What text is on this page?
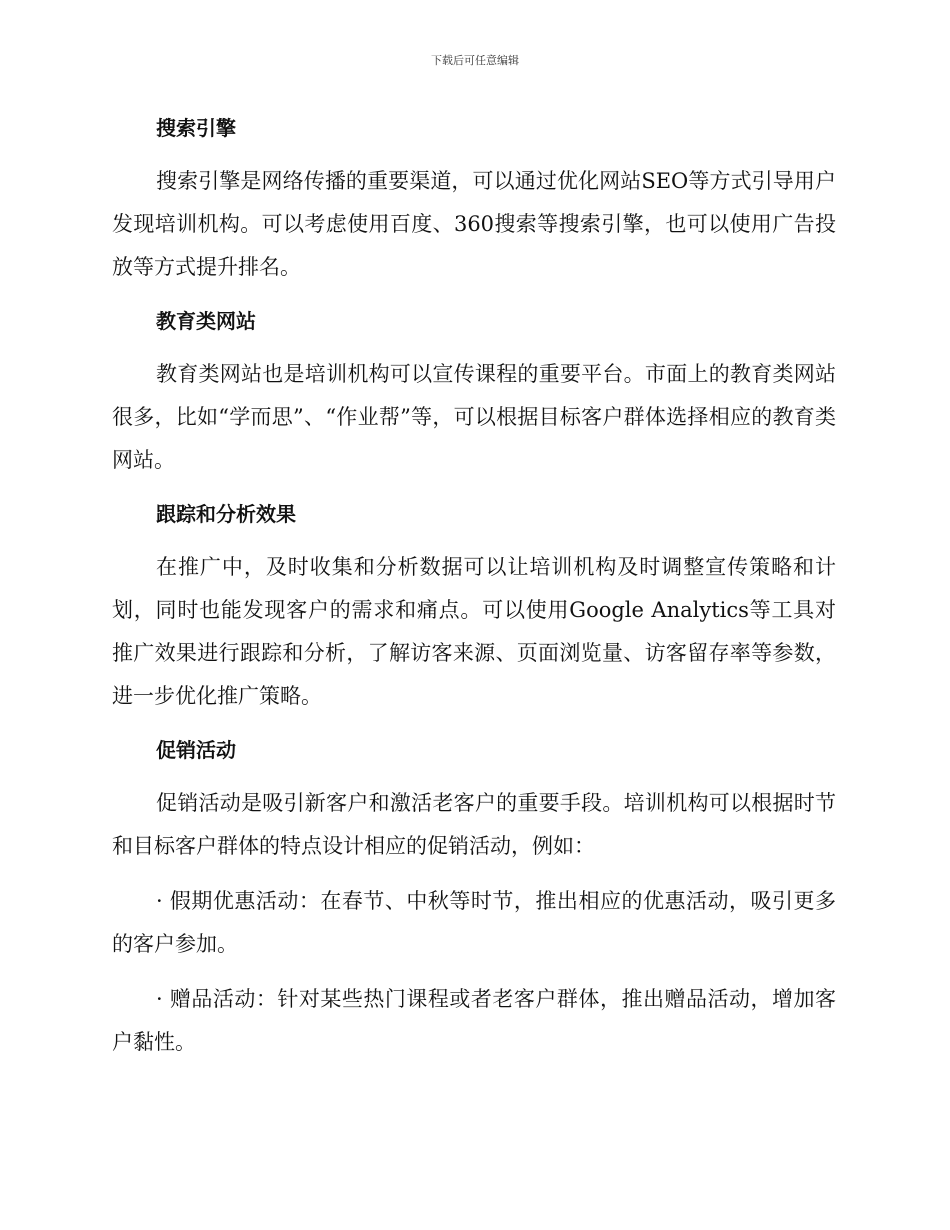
下载后可任意编辑
搜索引擎

搜索引擎是网络传播的重要渠道，可以通过优化网站SEO等方式引导用户发现培训机构。可以考虑使用百度、360搜索等搜索引擎，也可以使用广告投放等方式提升排名。

教育类网站

教育类网站也是培训机构可以宣传课程的重要平台。市面上的教育类网站很多，比如“学而思”、“作业帮”等，可以根据目标客户群体选择相应的教育类网站。

跟踪和分析效果

在推广中，及时收集和分析数据可以让培训机构及时调整宣传策略和计划，同时也能发现客户的需求和痛点。可以使用Google Analytics等工具对推广效果进行跟踪和分析，了解访客来源、页面浏览量、访客留存率等参数，进一步优化推广策略。

促销活动

促销活动是吸引新客户和激活老客户的重要手段。培训机构可以根据时节和目标客户群体的特点设计相应的促销活动，例如：

· 假期优惠活动：在春节、中秋等时节，推出相应的优惠活动，吸引更多的客户参加。

· 赠品活动：针对某些热门课程或者老客户群体，推出赠品活动，增加客户黏性。
